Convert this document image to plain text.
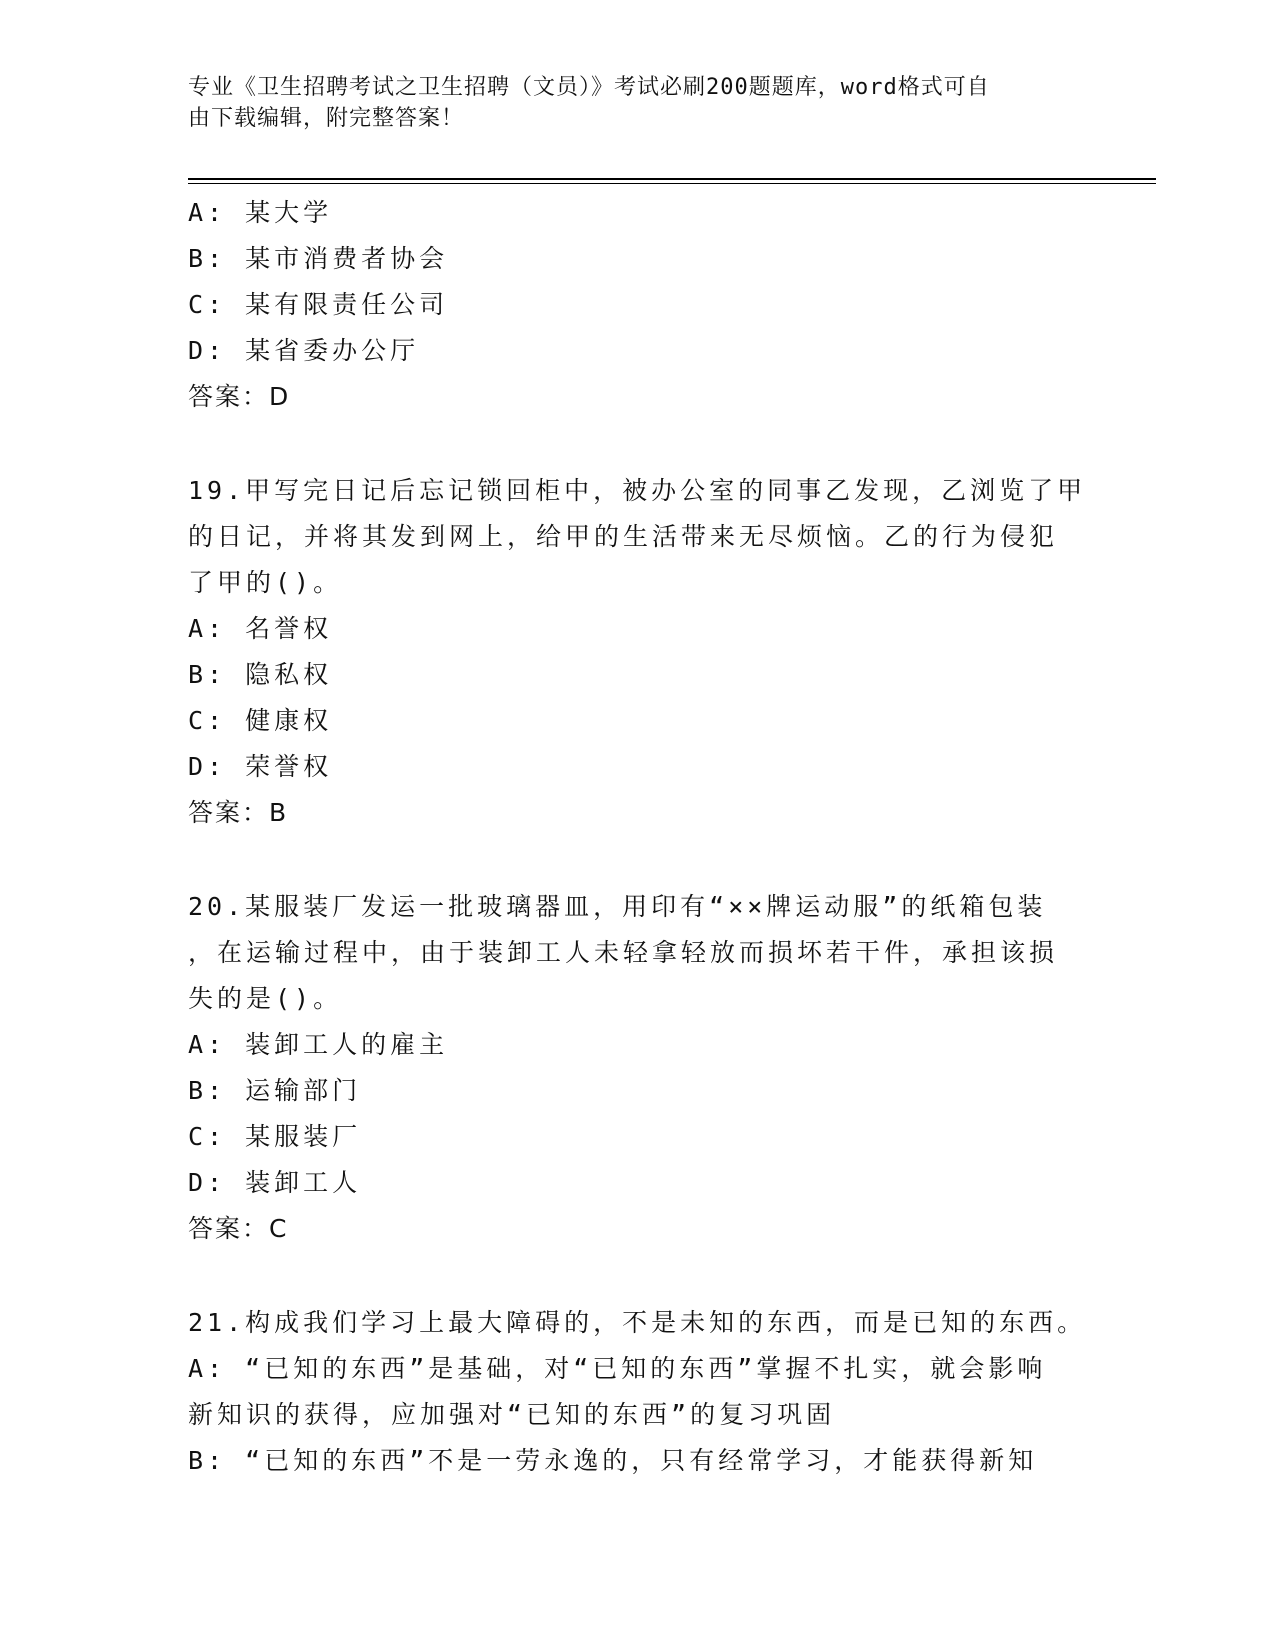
专业《卫生招聘考试之卫生招聘（文员）》考试必刷200题题库，word格式可自
由下载编辑，附完整答案！
A: 某大学
B: 某市消费者协会
C: 某有限责任公司
D: 某省委办公厅
答案：D
19.甲写完日记后忘记锁回柜中，被办公室的同事乙发现，乙浏览了甲
的日记，并将其发到网上，给甲的生活带来无尽烦恼。乙的行为侵犯
了甲的()。
A: 名誉权
B: 隐私权
C: 健康权
D: 荣誉权
答案：B
20.某服装厂发运一批玻璃器皿，用印有“××牌运动服”的纸箱包装
，在运输过程中，由于装卸工人未轻拿轻放而损坏若干件，承担该损
失的是()。
A: 装卸工人的雇主
B: 运输部门
C: 某服装厂
D: 装卸工人
答案：C
21.构成我们学习上最大障碍的，不是未知的东西，而是已知的东西。
A: “已知的东西”是基础，对“已知的东西”掌握不扎实，就会影响
新知识的获得，应加强对“已知的东西”的复习巩固
B: “已知的东西”不是一劳永逸的，只有经常学习，才能获得新知
